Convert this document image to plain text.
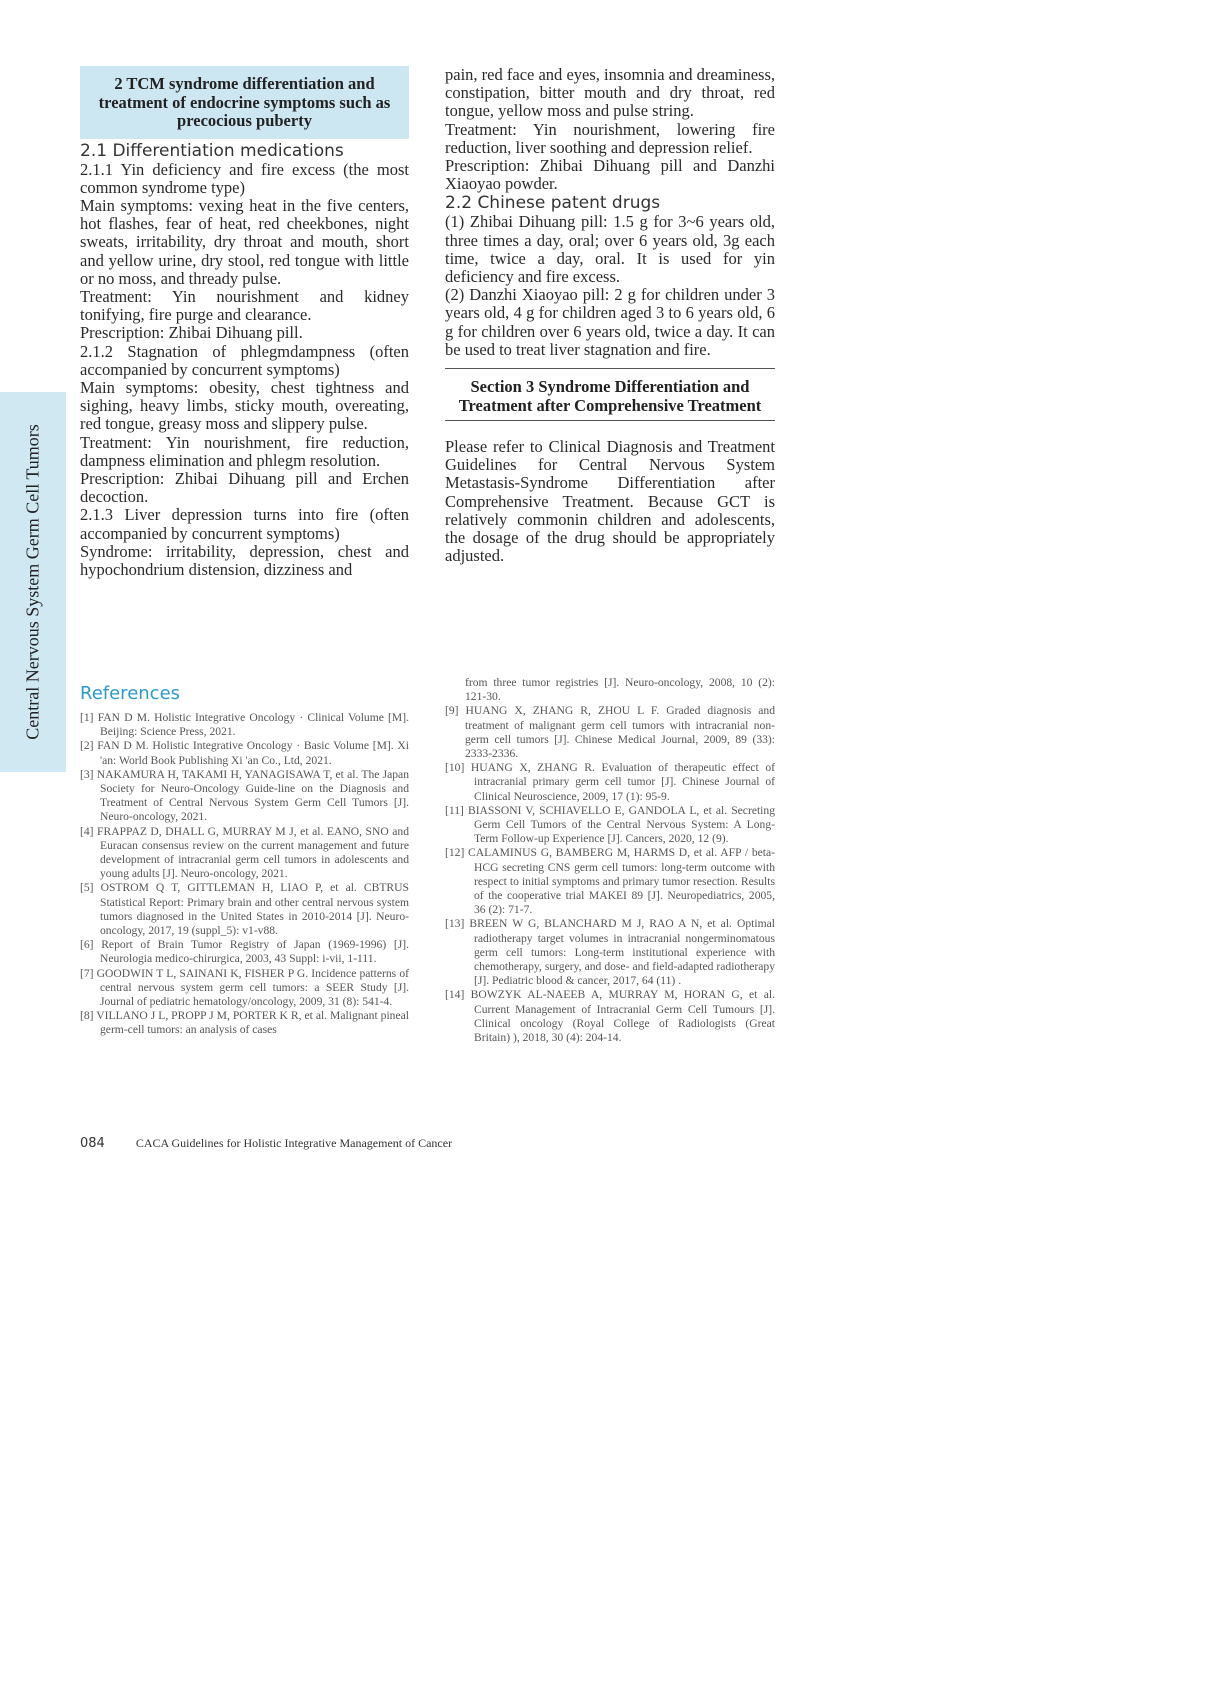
Central Nervous System Germ Cell Tumors
2 TCM syndrome differentiation and treatment of endocrine symptoms such as precocious puberty
2.1 Differentiation medications

2.1.1 Yin deficiency and fire excess (the most common syndrome type)

Main symptoms: vexing heat in the five centers, hot flashes, fear of heat, red cheekbones, night sweats, irritability, dry throat and mouth, short and yellow urine, dry stool, red tongue with little or no moss, and thready pulse.

Treatment: Yin nourishment and kidney tonifying, fire purge and clearance.

Prescription: Zhibai Dihuang pill.

2.1.2 Stagnation of phlegmdampness (often accompanied by concurrent symptoms)

Main symptoms: obesity, chest tightness and sighing, heavy limbs, sticky mouth, overeating, red tongue, greasy moss and slippery pulse.

Treatment: Yin nourishment, fire reduction, dampness elimination and phlegm resolution.

Prescription: Zhibai Dihuang pill and Erchen decoction.

2.1.3 Liver depression turns into fire (often accompanied by concurrent symptoms)

Syndrome: irritability, depression, chest and hypochondrium distension, dizziness and

pain, red face and eyes, insomnia and dreaminess, constipation, bitter mouth and dry throat, red tongue, yellow moss and pulse string.

Treatment: Yin nourishment, lowering fire reduction, liver soothing and depression relief.

Prescription: Zhibai Dihuang pill and Danzhi Xiaoyao powder.

2.2 Chinese patent drugs

(1) Zhibai Dihuang pill: 1.5 g for 3~6 years old, three times a day, oral; over 6 years old, 3g each time, twice a day, oral. It is used for yin deficiency and fire excess.

(2) Danzhi Xiaoyao pill: 2 g for children under 3 years old, 4 g for children aged 3 to 6 years old, 6 g for children over 6 years old, twice a day. It can be used to treat liver stagnation and fire.

Section 3 Syndrome Differentiation and Treatment after Comprehensive Treatment

Please refer to Clinical Diagnosis and Treatment Guidelines for Central Nervous System Metastasis-Syndrome Differentiation after Comprehensive Treatment. Because GCT is relatively commonin children and adolescents, the dosage of the drug should be appropriately adjusted.

References

[1] FAN D M. Holistic Integrative Oncology · Clinical Volume [M]. Beijing: Science Press, 2021.

[2] FAN D M. Holistic Integrative Oncology · Basic Volume [M]. Xi 'an: World Book Publishing Xi 'an Co., Ltd, 2021.

[3] NAKAMURA H, TAKAMI H, YANAGISAWA T, et al. The Japan Society for Neuro-Oncology Guide-line on the Diagnosis and Treatment of Central Nervous System Germ Cell Tumors [J]. Neuro-oncology, 2021.

[4] FRAPPAZ D, DHALL G, MURRAY M J, et al. EANO, SNO and Euracan consensus review on the current management and future development of intracranial germ cell tumors in adolescents and young adults [J]. Neuro-oncology, 2021.

[5] OSTROM Q T, GITTLEMAN H, LIAO P, et al. CBTRUS Statistical Report: Primary brain and other central nervous system tumors diagnosed in the United States in 2010-2014 [J]. Neuro-oncology, 2017, 19 (suppl_5): v1-v88.

[6] Report of Brain Tumor Registry of Japan (1969-1996) [J]. Neurologia medico-chirurgica, 2003, 43 Suppl: i-vii, 1-111.

[7] GOODWIN T L, SAINANI K, FISHER P G. Incidence patterns of central nervous system germ cell tumors: a SEER Study [J]. Journal of pediatric hematology/oncology, 2009, 31 (8): 541-4.

[8] VILLANO J L, PROPP J M, PORTER K R, et al. Malignant pineal germ-cell tumors: an analysis of cases

from three tumor registries [J]. Neuro-oncology, 2008, 10 (2): 121-30.

[9] HUANG X, ZHANG R, ZHOU L F. Graded diagnosis and treatment of malignant germ cell tumors with intracranial non-germ cell tumors [J]. Chinese Medical Journal, 2009, 89 (33): 2333-2336.

[10] HUANG X, ZHANG R. Evaluation of therapeutic effect of intracranial primary germ cell tumor [J]. Chinese Journal of Clinical Neuroscience, 2009, 17 (1): 95-9.

[11] BIASSONI V, SCHIAVELLO E, GANDOLA L, et al. Secreting Germ Cell Tumors of the Central Nervous System: A Long-Term Follow-up Experience [J]. Cancers, 2020, 12 (9).

[12] CALAMINUS G, BAMBERG M, HARMS D, et al. AFP / beta-HCG secreting CNS germ cell tumors: long-term outcome with respect to initial symptoms and primary tumor resection. Results of the cooperative trial MAKEI 89 [J]. Neuropediatrics, 2005, 36 (2): 71-7.

[13] BREEN W G, BLANCHARD M J, RAO A N, et al. Optimal radiotherapy target volumes in intracranial nongerminomatous germ cell tumors: Long-term institutional experience with chemotherapy, surgery, and dose- and field-adapted radiotherapy [J]. Pediatric blood & cancer, 2017, 64 (11) .

[14] BOWZYK AL-NAEEB A, MURRAY M, HORAN G, et al. Current Management of Intracranial Germ Cell Tumours [J]. Clinical oncology (Royal College of Radiologists (Great Britain) ), 2018, 30 (4): 204-14.

084	CACA Guidelines for Holistic Integrative Management of Cancer
